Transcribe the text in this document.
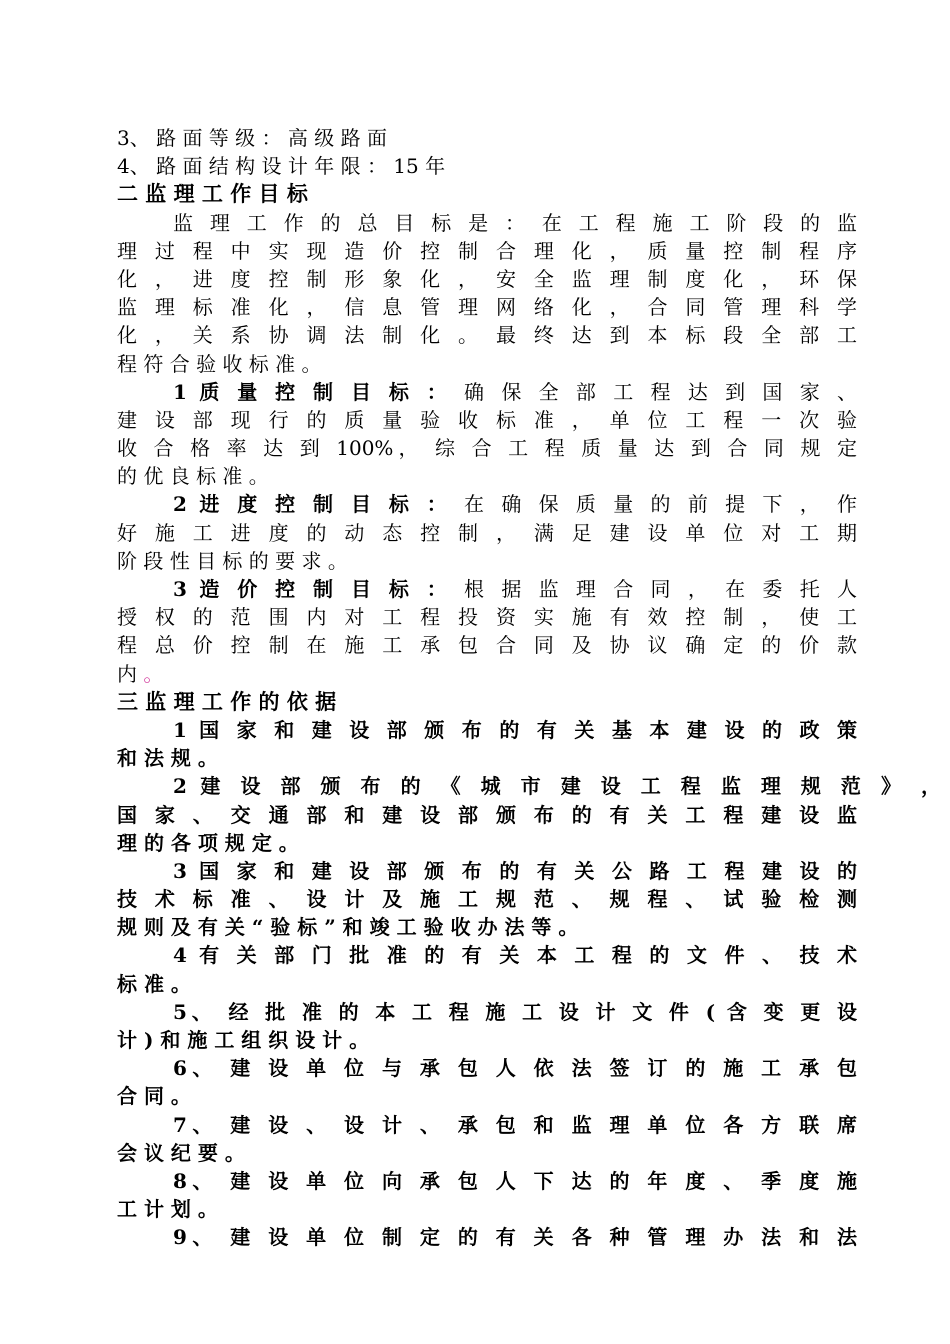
3、 路 面 等 级 ： 高 级 路 面
4、 路 面 结 构 设 计 年 限 ： 15 年
二 监 理 工 作 目 标
监 理 工 作 的 总 目 标 是 ： 在 工 程 施 工 阶 段 的 监
理 过 程 中 实 现 造 价 控 制 合 理 化 ， 质 量 控 制 程 序
化 ， 进 度 控 制 形 象 化 ， 安 全 监 理 制 度 化 ， 环 保
监 理 标 准 化 ， 信 息 管 理 网 络 化 ， 合 同 管 理 科 学
化 ， 关 系 协 调 法 制 化 。 最 终 达 到 本 标 段 全 部 工
程 符 合 验 收 标 准 。
1 质 量 控 制 目 标 ： 确 保 全 部 工 程 达 到 国 家 、
建 设 部 现 行 的 质 量 验 收 标 准 ， 单 位 工 程 一 次 验
收 合 格 率 达 到 100%， 综 合 工 程 质 量 达 到 合 同 规 定
的 优 良 标 准 。
2 进 度 控 制 目 标 ： 在 确 保 质 量 的 前 提 下 ， 作
好 施 工 进 度 的 动 态 控 制 ， 满 足 建 设 单 位 对 工 期
阶 段 性 目 标 的 要 求 。
3 造 价 控 制 目 标 ： 根 据 监 理 合 同 ， 在 委 托 人
授 权 的 范 围 内 对 工 程 投 资 实 施 有 效 控 制 ， 使 工
程 总 价 控 制 在 施 工 承 包 合 同 及 协 议 确 定 的 价 款
内 。
三 监 理 工 作 的 依 据
1 国 家 和 建 设 部 颁 布 的 有 关 基 本 建 设 的 政 策
和 法 规 。
2 建 设 部 颁 布 的 《 城 市 建 设 工 程 监 理 规 范 》 ，
国 家 、 交 通 部 和 建 设 部 颁 布 的 有 关 工 程 建 设 监
理 的 各 项 规 定 。
3 国 家 和 建 设 部 颁 布 的 有 关 公 路 工 程 建 设 的
技 术 标 准 、 设 计 及 施 工 规 范 、 规 程 、 试 验 检 测
规 则 及 有 关 “ 验 标 ” 和 竣 工 验 收 办 法 等 。
4 有 关 部 门 批 准 的 有 关 本 工 程 的 文 件 、 技 术
标 准 。
5、 经 批 准 的 本 工 程 施 工 设 计 文 件 ( 含 变 更 设
计 ) 和 施 工 组 织 设 计 。
6、 建 设 单 位 与 承 包 人 依 法 签 订 的 施 工 承 包
合 同 。
7、 建 设 、 设 计 、 承 包 和 监 理 单 位 各 方 联 席
会 议 纪 要 。
8、 建 设 单 位 向 承 包 人 下 达 的 年 度 、 季 度 施
工 计 划 。
9、 建 设 单 位 制 定 的 有 关 各 种 管 理 办 法 和 法
